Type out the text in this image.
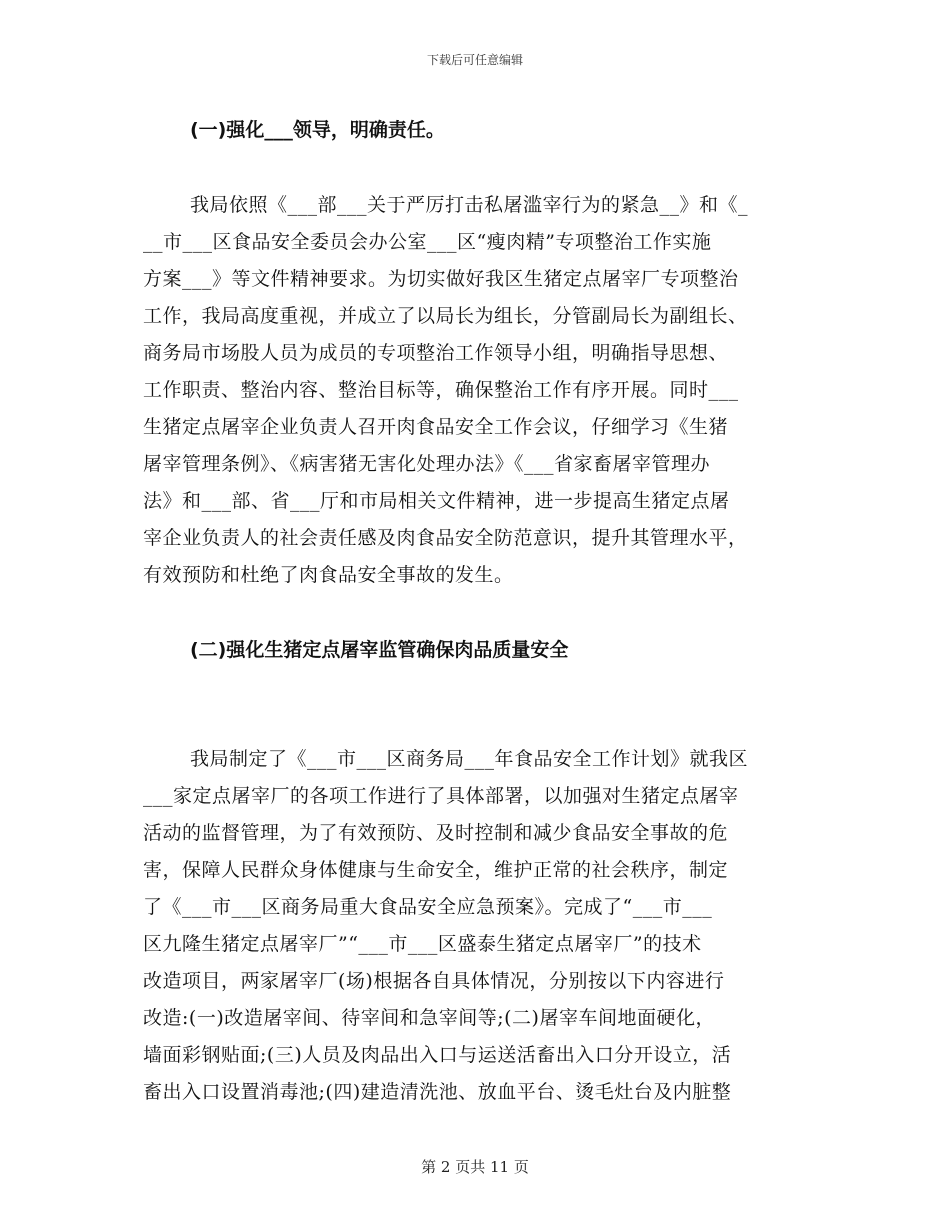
下载后可任意编辑
(一)强化___领导，明确责任。
我局依照《___部___关于严厉打击私屠滥宰行为的紧急__》和《_
__市___区食品安全委员会办公室___区“瘦肉精”专项整治工作实施
方案___》等文件精神要求。为切实做好我区生猪定点屠宰厂专项整治
工作，我局高度重视，并成立了以局长为组长，分管副局长为副组长、
商务局市场股人员为成员的专项整治工作领导小组，明确指导思想、
工作职责、整治内容、整治目标等，确保整治工作有序开展。同时___
生猪定点屠宰企业负责人召开肉食品安全工作会议，仔细学习《生猪
屠宰管理条例》、《病害猪无害化处理办法》《___省家畜屠宰管理办
法》和___部、省___厅和市局相关文件精神，进一步提高生猪定点屠
宰企业负责人的社会责任感及肉食品安全防范意识，提升其管理水平，
有效预防和杜绝了肉食品安全事故的发生。
(二)强化生猪定点屠宰监管确保肉品质量安全
我局制定了《___市___区商务局___年食品安全工作计划》就我区
___家定点屠宰厂的各项工作进行了具体部署，以加强对生猪定点屠宰
活动的监督管理，为了有效预防、及时控制和减少食品安全事故的危
害，保障人民群众身体健康与生命安全，维护正常的社会秩序，制定
了《___市___区商务局重大食品安全应急预案》。完成了“___市___
区九隆生猪定点屠宰厂”“___市___区盛泰生猪定点屠宰厂”的技术
改造项目，两家屠宰厂(场)根据各自具体情况，分别按以下内容进行
改造:(一)改造屠宰间、待宰间和急宰间等;(二)屠宰车间地面硬化，
墙面彩钢贴面;(三)人员及肉品出入口与运送活畜出入口分开设立，活
畜出入口设置消毒池;(四)建造清洗池、放血平台、烫毛灶台及内脏整
第 2 页共 11 页
